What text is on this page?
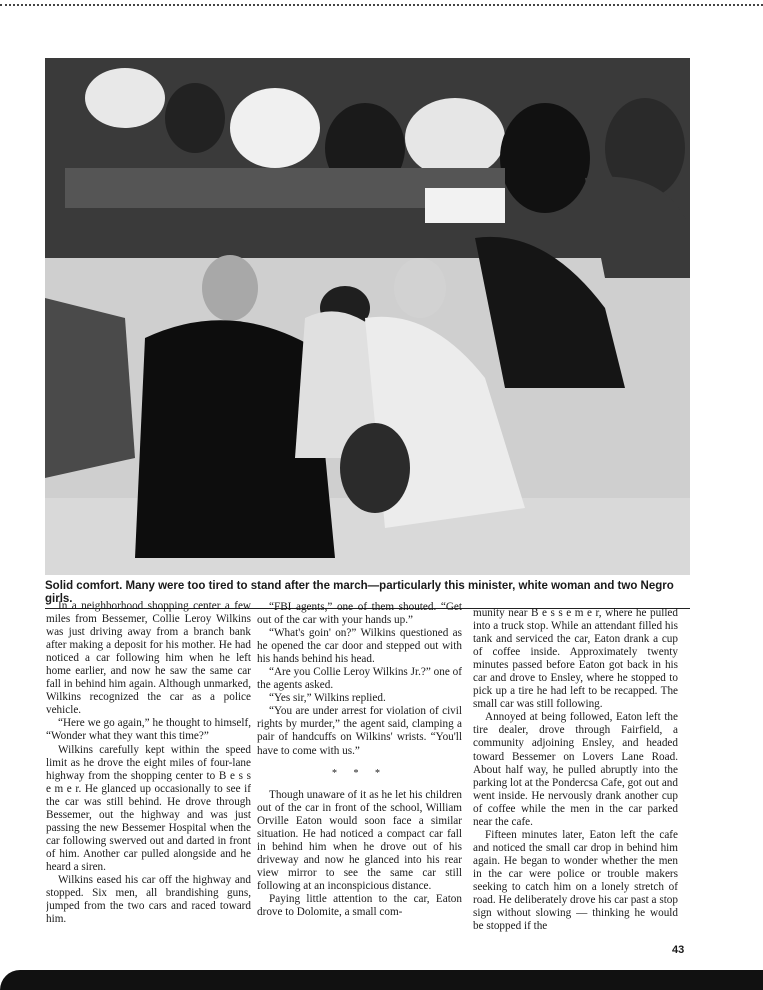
Solid comfort. Many were too tired to stand after the march—particularly this minister, white woman and two Negro girls.

In a neighborhood shopping center a few miles from Bessemer, Collie Leroy Wilkins was just driving away from a branch bank after making a deposit for his mother. He had noticed a car following him when he left home earlier, and now he saw the same car fall in behind him again. Although unmarked, Wilkins recognized the car as a police vehicle.

“Here we go again,” he thought to himself, “Wonder what they want this time?”

Wilkins carefully kept within the speed limit as he drove the eight miles of four-lane highway from the shopping center to B e s s e m e r. He glanced up occasionally to see if the car was still behind. He drove through Bessemer, out the highway and was just passing the new Bessemer Hospital when the car following swerved out and darted in front of him. Another car pulled alongside and he heard a siren.

Wilkins eased his car off the highway and stopped. Six men, all brandishing guns, jumped from the two cars and raced toward him.

“FBI agents,” one of them shouted. “Get out of the car with your hands up.”

“What's goin' on?” Wilkins questioned as he opened the car door and stepped out with his hands behind his head.

“Are you Collie Leroy Wilkins Jr.?” one of the agents asked.

“Yes sir,” Wilkins replied.

“You are under arrest for violation of civil rights by murder,” the agent said, clamping a pair of handcuffs on Wilkins' wrists. “You'll have to come with us.”

* * *

Though unaware of it as he let his children out of the car in front of the school, William Orville Eaton would soon face a similar situation. He had noticed a compact car fall in behind him when he drove out of his driveway and now he glanced into his rear view mirror to see the same car still following at an inconspicious distance.

Paying little attention to the car, Eaton drove to Dolomite, a small com-

munity near B e s s e m e r, where he pulled into a truck stop. While an attendant filled his tank and serviced the car, Eaton drank a cup of coffee inside. Approximately twenty minutes passed before Eaton got back in his car and drove to Ensley, where he stopped to pick up a tire he had left to be recapped. The small car was still following.

Annoyed at being followed, Eaton left the tire dealer, drove through Fairfield, a community adjoining Ensley, and headed toward Bessemer on Lovers Lane Road. About half way, he pulled abruptly into the parking lot at the Pondercsa Cafe, got out and went inside. He nervously drank another cup of coffee while the men in the car parked near the cafe.

Fifteen minutes later, Eaton left the cafe and noticed the small car drop in behind him again. He began to wonder whether the men in the car were police or trouble makers seeking to catch him on a lonely stretch of road. He deliberately drove his car past a stop sign without slowing — thinking he would be stopped if the

43
